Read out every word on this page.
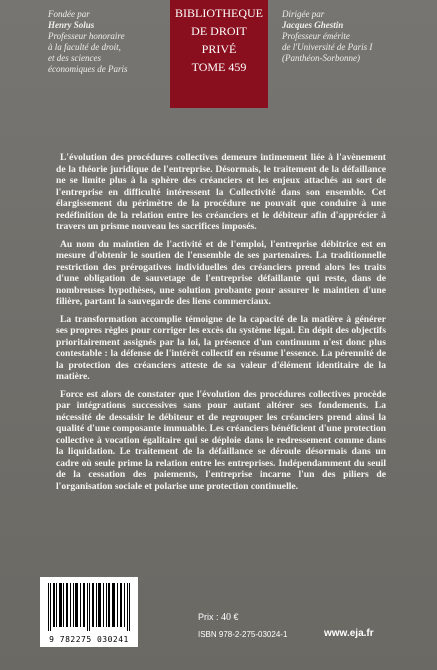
Fondée par
Henry Solus
Professeur honoraire
à la faculté de droit,
et des sciences
économiques de Paris
BIBLIOTHEQUE
DE DROIT
PRIVÉ
TOME 459
Dirigée par
Jacques Ghestin
Professeur émérite
de l'Université de Paris I
(Panthéon-Sorbonne)

L'évolution des procédures collectives demeure intimement liée à l'avènement de la théorie juridique de l'entreprise. Désormais, le traitement de la défaillance ne se limite plus à la sphère des créanciers et les enjeux attachés au sort de l'entreprise en difficulté intéressent la Collectivité dans son ensemble. Cet élargissement du périmètre de la procédure ne pouvait que conduire à une redéfinition de la relation entre les créanciers et le débiteur afin d'apprécier à travers un prisme nouveau les sacrifices imposés.

Au nom du maintien de l'activité et de l'emploi, l'entreprise débitrice est en mesure d'obtenir le soutien de l'ensemble de ses partenaires. La traditionnelle restriction des prérogatives individuelles des créanciers prend alors les traits d'une obligation de sauvetage de l'entreprise défaillante qui reste, dans de nombreuses hypothèses, une solution probante pour assurer le maintien d'une filière, partant la sauvegarde des liens commerciaux.

La transformation accomplie témoigne de la capacité de la matière à générer ses propres règles pour corriger les excès du système légal. En dépit des objectifs prioritairement assignés par la loi, la présence d'un continuum n'est donc plus contestable : la défense de l'intérêt collectif en résume l'essence. La pérennité de la protection des créanciers atteste de sa valeur d'élément identitaire de la matière.

Force est alors de constater que l'évolution des procédures collectives procède par intégrations successives sans pour autant altérer ses fondements. La nécessité de dessaisir le débiteur et de regrouper les créanciers prend ainsi la qualité d'une composante immuable. Les créanciers bénéficient d'une protection collective à vocation égalitaire qui se déploie dans le redressement comme dans la liquidation. Le traitement de la défaillance se déroule désormais dans un cadre où seule prime la relation entre les entreprises. Indépendamment du seuil de la cessation des paiements, l'entreprise incarne l'un des piliers de l'organisation sociale et polarise une protection continuelle.

9 782275 030241
Prix : 40 €
ISBN 978-2-275-03024-1	www.eja.fr
